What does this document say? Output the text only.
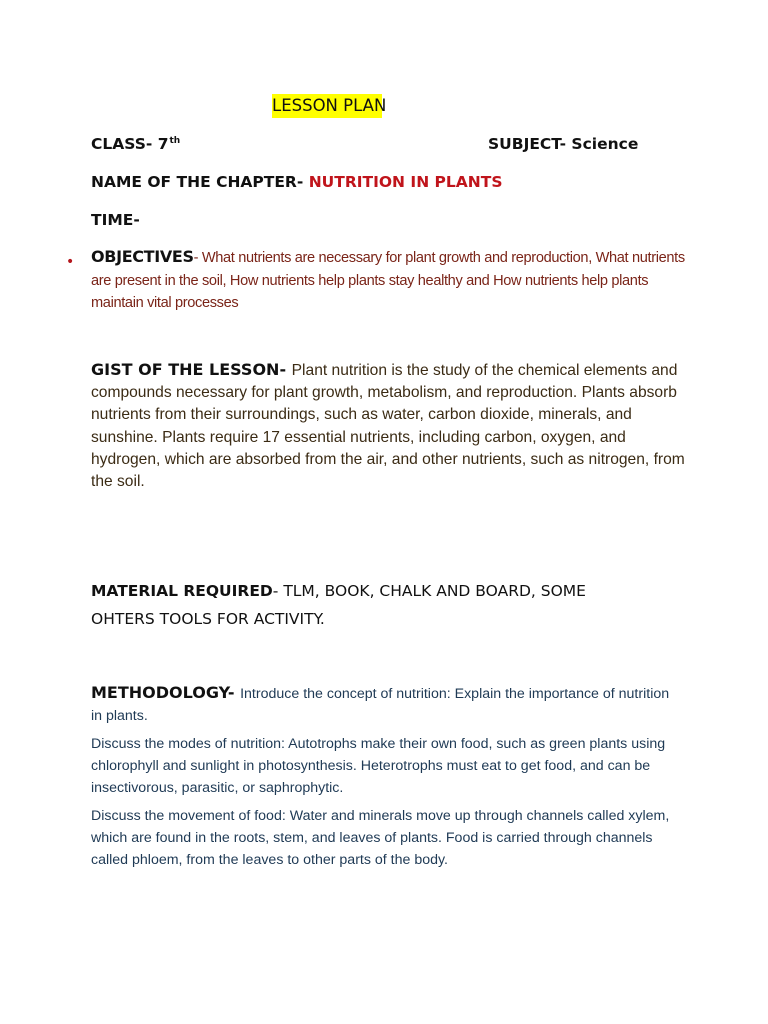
LESSON PLAN
CLASS- 7th	SUBJECT- Science
NAME OF THE CHAPTER- NUTRITION IN PLANTS
TIME-
• OBJECTIVES- What nutrients are necessary for plant growth and reproduction, What nutrients are present in the soil, How nutrients help plants stay healthy and How nutrients help plants maintain vital processes
GIST OF THE LESSON- Plant nutrition is the study of the chemical elements and compounds necessary for plant growth, metabolism, and reproduction. Plants absorb nutrients from their surroundings, such as water, carbon dioxide, minerals, and sunshine. Plants require 17 essential nutrients, including carbon, oxygen, and hydrogen, which are absorbed from the air, and other nutrients, such as nitrogen, from the soil.
MATERIAL REQUIRED- TLM, BOOK, CHALK AND BOARD, SOME OHTERS TOOLS FOR ACTIVITY.

METHODOLOGY- Introduce the concept of nutrition: Explain the importance of nutrition in plants.

Discuss the modes of nutrition: Autotrophs make their own food, such as green plants using chlorophyll and sunlight in photosynthesis. Heterotrophs must eat to get food, and can be insectivorous, parasitic, or saphrophytic.

Discuss the movement of food: Water and minerals move up through channels called xylem, which are found in the roots, stem, and leaves of plants. Food is carried through channels called phloem, from the leaves to other parts of the body.
